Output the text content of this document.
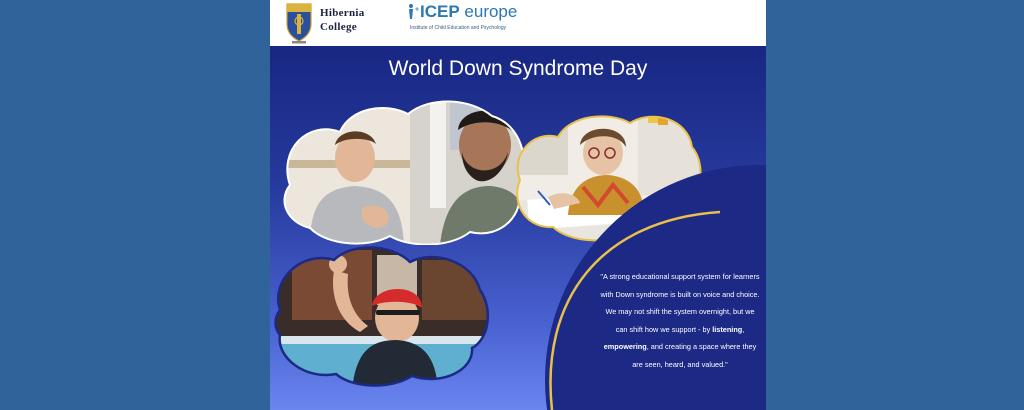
Hibernia
College
ICEP europe
Institute of Child Education and Psychology
World Down Syndrome Day
"A strong educational support system for learners with Down syndrome is built on voice and choice. We may not shift the system overnight, but we can shift how we support - by listening, empowering, and creating a space where they are seen, heard, and valued."
